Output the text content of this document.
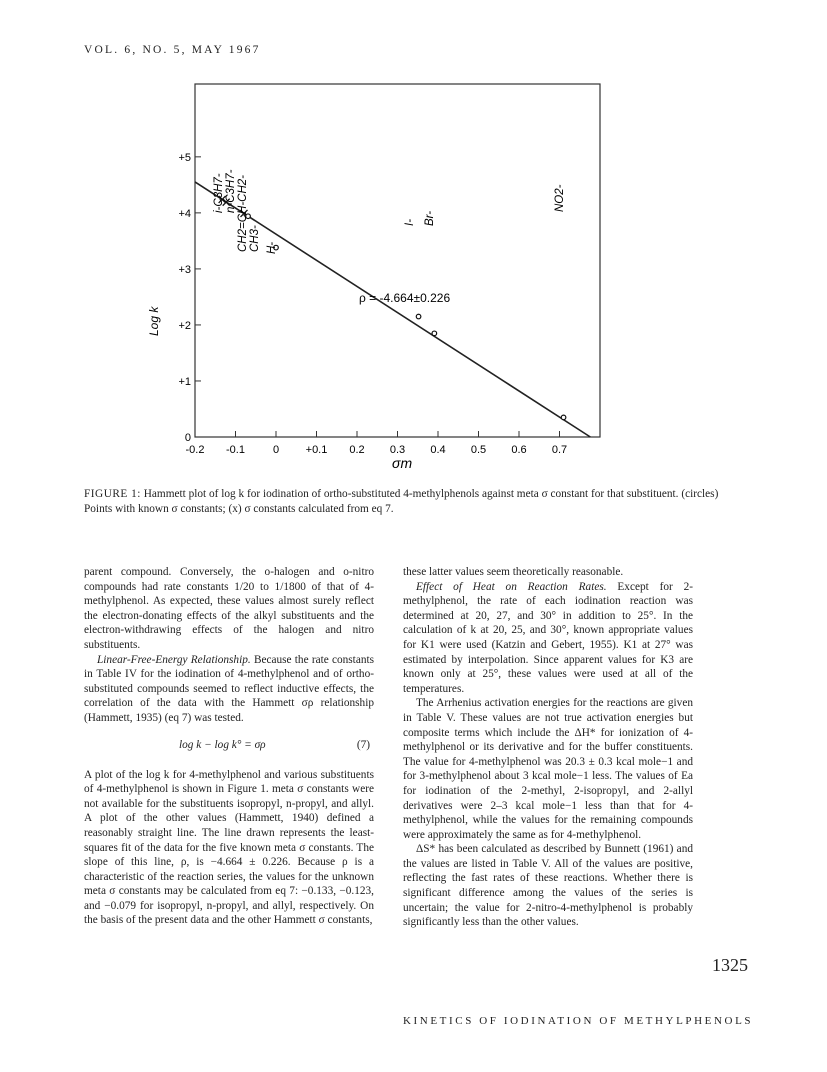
VOL. 6, NO. 5, MAY 1967
-0.2 -0.1	0 +0.1 0.2 0.3 0.4 0.5 0.6 0.7
0
+1
+2
+3
+4
+5
i-C3H7- n-C3H7- CH2=CH-CH2- CH3- H-
I- Br-
NO2-
ρ = -4.664±0.226
Log k
σm
FIGURE 1: Hammett plot of log k for iodination of ortho-substituted 4-methylphenols against meta σ constant for that substituent. (circles) Points with known σ constants; (x) σ constants calculated from eq 7.

parent compound. Conversely, the o-halogen and o-nitro compounds had rate constants 1/20 to 1/1800 of that of 4-methylphenol. As expected, these values almost surely reflect the electron-donating effects of the alkyl substituents and the electron-withdrawing effects of the halogen and nitro substituents.

Linear-Free-Energy Relationship. Because the rate constants in Table IV for the iodination of 4-methylphenol and of ortho-substituted compounds seemed to reflect inductive effects, the correlation of the data with the Hammett σρ relationship (Hammett, 1935) (eq 7) was tested.

log k − log k° = σρ	(7)

A plot of the log k for 4-methylphenol and various substituents of 4-methylphenol is shown in Figure 1. meta σ constants were not available for the substituents isopropyl, n-propyl, and allyl. A plot of the other values (Hammett, 1940) defined a reasonably straight line. The line drawn represents the least-squares fit of the data for the five known meta σ constants. The slope of this line, ρ, is −4.664 ± 0.226. Because ρ is a characteristic of the reaction series, the values for the unknown meta σ constants may be calculated from eq 7: −0.133, −0.123, and −0.079 for isopropyl, n-propyl, and allyl, respectively. On the basis of the present data and the other Hammett σ constants,

these latter values seem theoretically reasonable.

Effect of Heat on Reaction Rates. Except for 2-methylphenol, the rate of each iodination reaction was determined at 20, 27, and 30° in addition to 25°. In the calculation of k at 20, 25, and 30°, known appropriate values for K1 were used (Katzin and Gebert, 1955). K1 at 27° was estimated by interpolation. Since apparent values for K3 are known only at 25°, these values were used at all of the temperatures.

The Arrhenius activation energies for the reactions are given in Table V. These values are not true activation energies but composite terms which include the ΔH* for ionization of 4-methylphenol or its derivative and for the buffer constituents. The value for 4-methylphenol was 20.3 ± 0.3 kcal mole−1 and for 3-methylphenol about 3 kcal mole−1 less. The values of Ea for iodination of the 2-methyl, 2-isopropyl, and 2-allyl derivatives were 2–3 kcal mole−1 less than that for 4-methylphenol, while the values for the remaining compounds were approximately the same as for 4-methylphenol.

ΔS* has been calculated as described by Bunnett (1961) and the values are listed in Table V. All of the values are positive, reflecting the fast rates of these reactions. Whether there is significant difference among the values of the series is uncertain; the value for 2-nitro-4-methylphenol is probably significantly less than the other values.

1325
KINETICS OF IODINATION OF METHYLPHENOLS
